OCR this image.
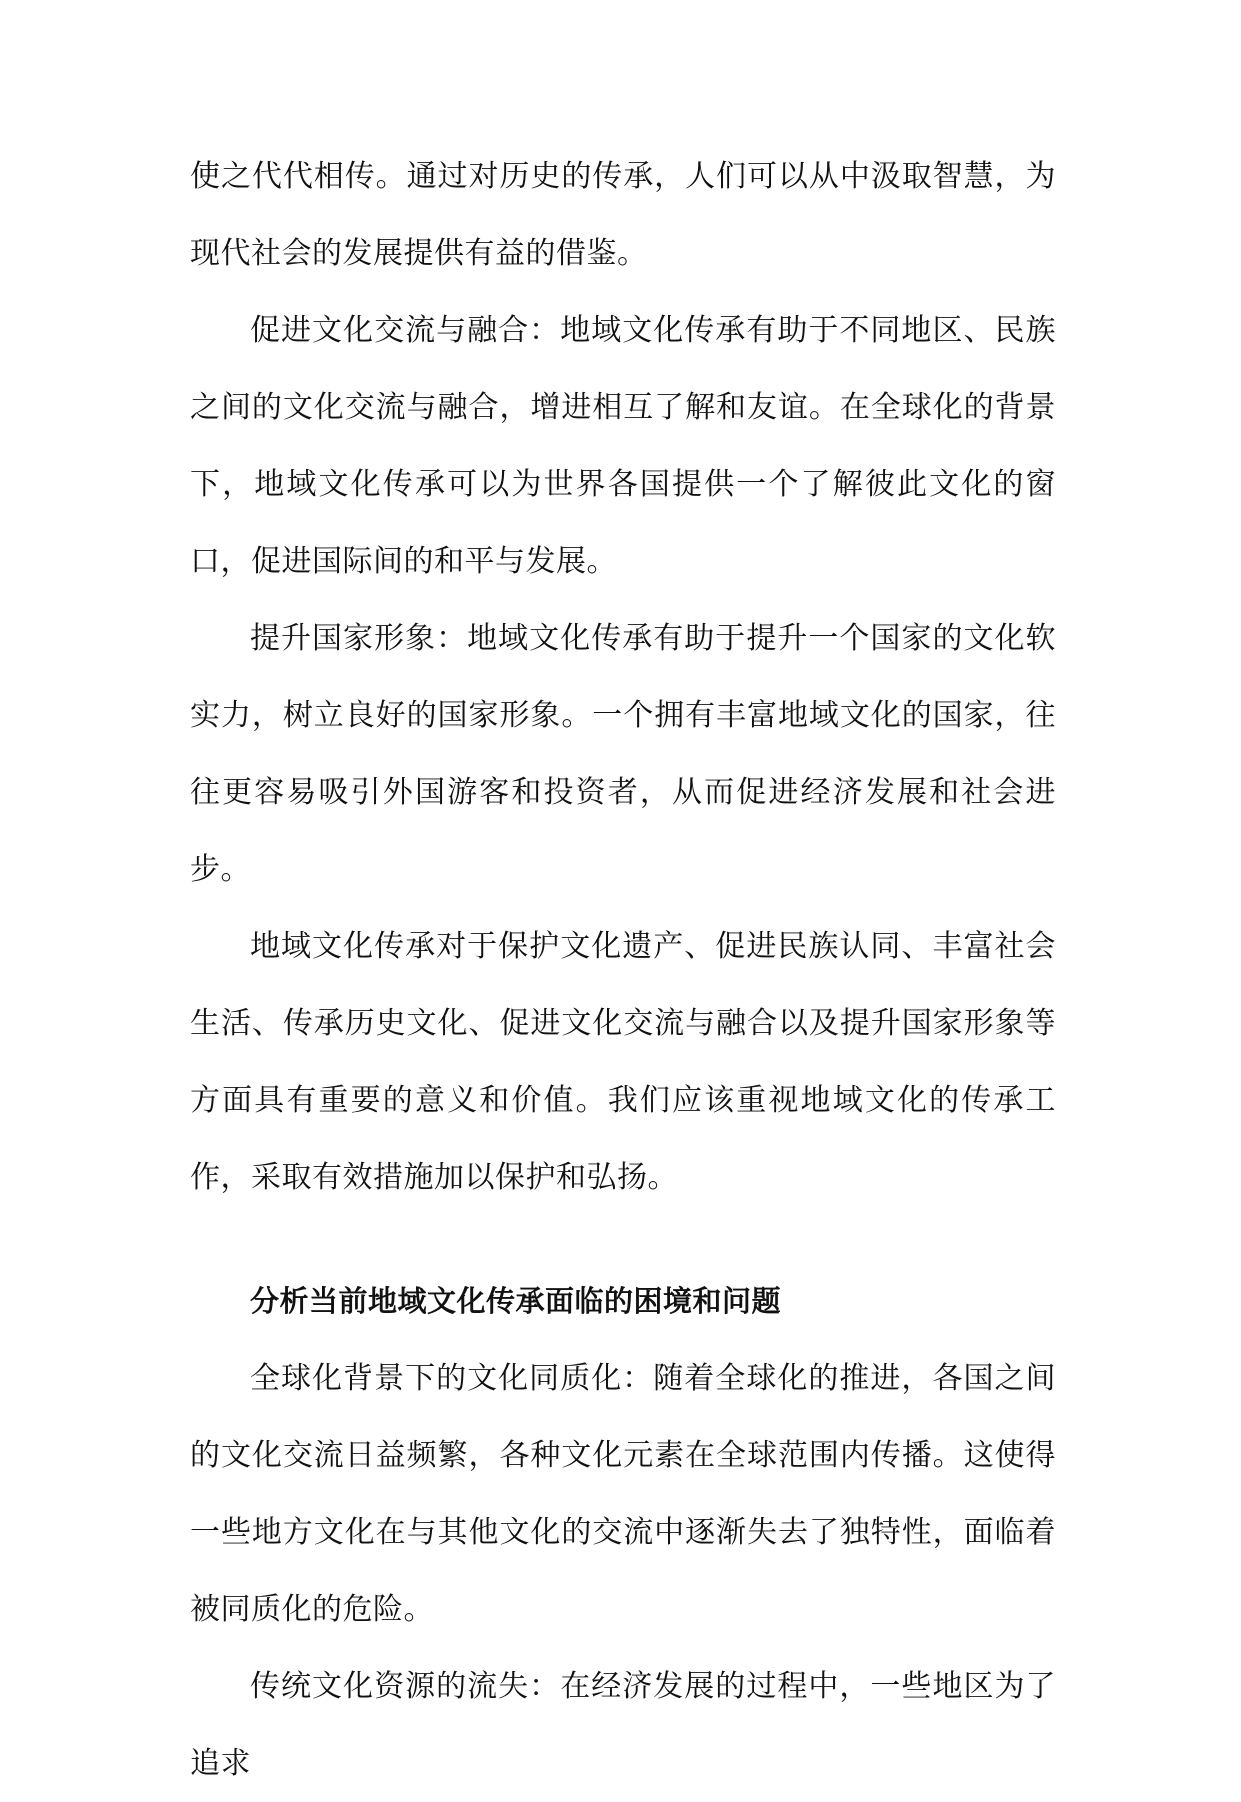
使之代代相传。通过对历史的传承，人们可以从中汲取智慧，为现代社会的发展提供有益的借鉴。

促进文化交流与融合：地域文化传承有助于不同地区、民族之间的文化交流与融合，增进相互了解和友谊。在全球化的背景下，地域文化传承可以为世界各国提供一个了解彼此文化的窗口，促进国际间的和平与发展。

提升国家形象：地域文化传承有助于提升一个国家的文化软实力，树立良好的国家形象。一个拥有丰富地域文化的国家，往往更容易吸引外国游客和投资者，从而促进经济发展和社会进步。

地域文化传承对于保护文化遗产、促进民族认同、丰富社会生活、传承历史文化、促进文化交流与融合以及提升国家形象等方面具有重要的意义和价值。我们应该重视地域文化的传承工作，采取有效措施加以保护和弘扬。

分析当前地域文化传承面临的困境和问题

全球化背景下的文化同质化：随着全球化的推进，各国之间的文化交流日益频繁，各种文化元素在全球范围内传播。这使得一些地方文化在与其他文化的交流中逐渐失去了独特性，面临着被同质化的危险。

传统文化资源的流失：在经济发展的过程中，一些地区为了追求
